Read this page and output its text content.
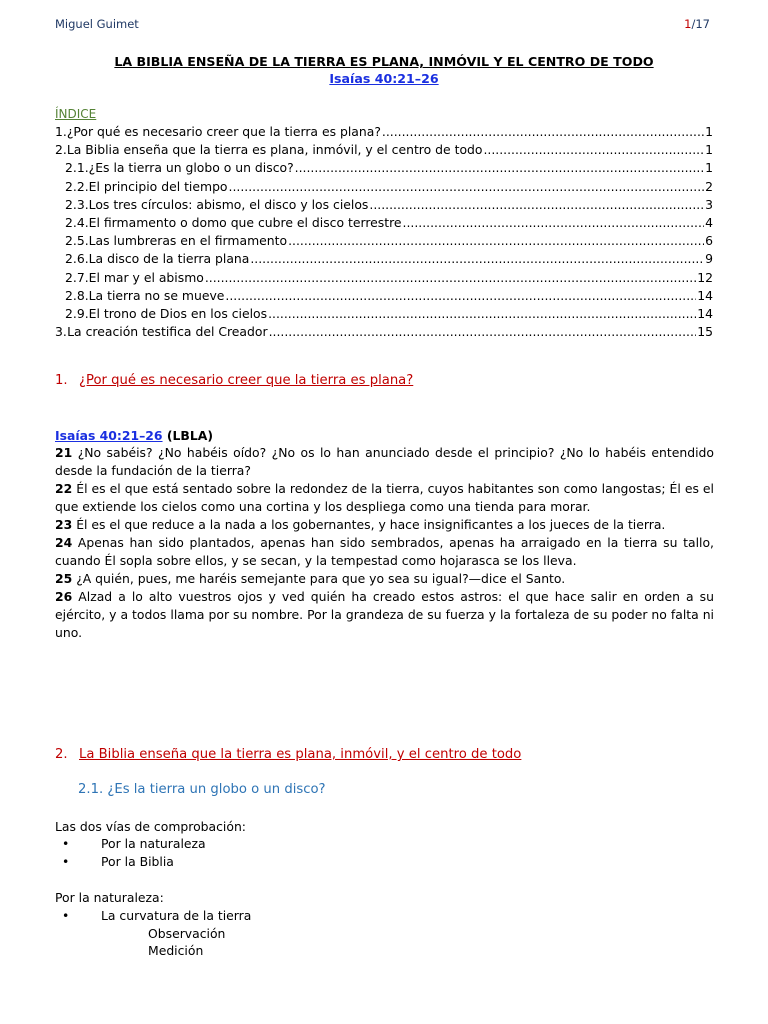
Miguel Guimet	1/17
LA BIBLIA ENSEÑA DE LA TIERRA ES PLANA, INMÓVIL Y EL CENTRO DE TODO
Isaías 40:21–26
ÍNDICE
1. ¿Por qué es necesario creer que la tierra es plana? .....	1
2. La Biblia enseña que la tierra es plana, inmóvil, y el centro de todo .....	1
2.1. ¿Es la tierra un globo o un disco? .....	1
2.2. El principio del tiempo .....	2
2.3. Los tres círculos: abismo, el disco y los cielos .....	3
2.4. El firmamento o domo que cubre el disco terrestre .....	4
2.5. Las lumbreras en el firmamento .....	6
2.6. La disco de la tierra plana .....	9
2.7. El mar y el abismo .....	12
2.8. La tierra no se mueve .....	14
2.9. El trono de Dios en los cielos .....	14
3. La creación testifica del Creador .....	15
1. ¿Por qué es necesario creer que la tierra es plana?
Isaías 40:21–26 (LBLA)

21 ¿No sabéis? ¿No habéis oído? ¿No os lo han anunciado desde el principio? ¿No lo habéis entendido desde la fundación de la tierra?

22 Él es el que está sentado sobre la redondez de la tierra, cuyos habitantes son como langostas; Él es el que extiende los cielos como una cortina y los despliega como una tienda para morar.

23 Él es el que reduce a la nada a los gobernantes, y hace insignificantes a los jueces de la tierra.

24 Apenas han sido plantados, apenas han sido sembrados, apenas ha arraigado en la tierra su tallo, cuando Él sopla sobre ellos, y se secan, y la tempestad como hojarasca se los lleva.

25 ¿A quién, pues, me haréis semejante para que yo sea su igual?—dice el Santo.

26 Alzad a lo alto vuestros ojos y ved quién ha creado estos astros: el que hace salir en orden a su ejército, y a todos llama por su nombre. Por la grandeza de su fuerza y la fortaleza de su poder no falta ni uno.

2. La Biblia enseña que la tierra es plana, inmóvil, y el centro de todo
2.1. ¿Es la tierra un globo o un disco?
Las dos vías de comprobación:
Por la naturaleza
Por la Biblia
Por la naturaleza:
La curvatura de la tierra
Observación
Medición
